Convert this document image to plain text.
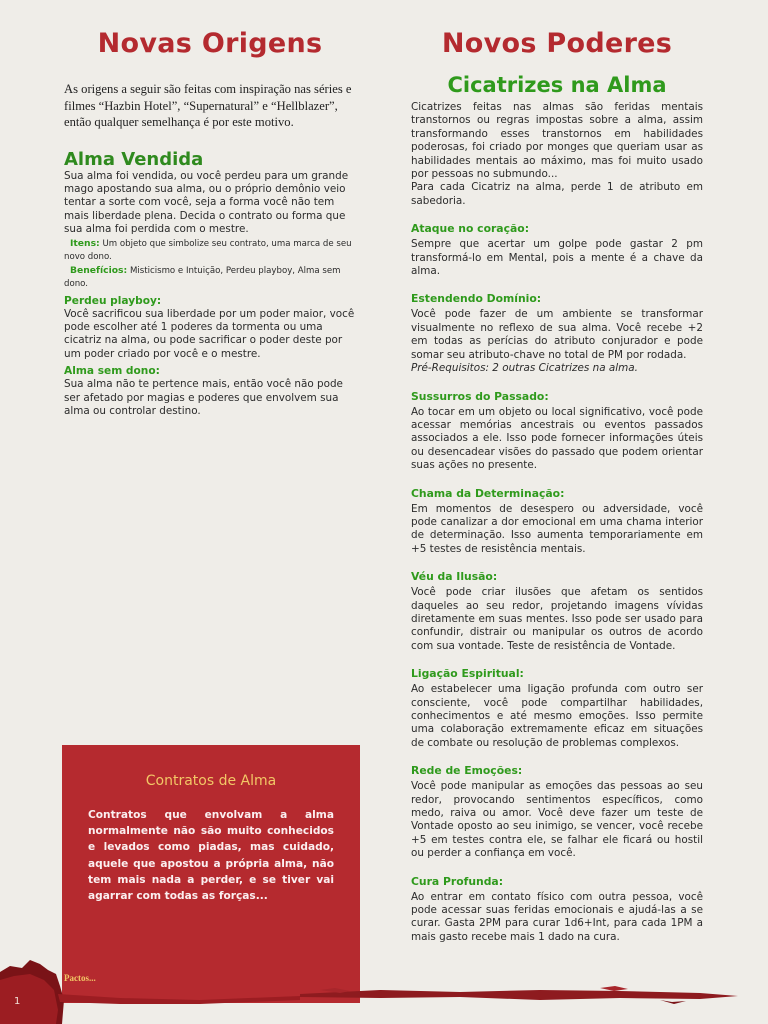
Novas Origens

As origens a seguir são feitas com inspiração nas séries e filmes “Hazbin Hotel”, “Supernatural” e “Hellblazer”, então qualquer semelhança é por este motivo.

Alma Vendida

Sua alma foi vendida, ou você perdeu para um grande mago apostando sua alma, ou o próprio demônio veio tentar a sorte com você, seja a forma você não tem mais liberdade plena. Decida o contrato ou forma que sua alma foi perdida com o mestre.

Itens: Um objeto que simbolize seu contrato, uma marca de seu novo dono.

Benefícios: Misticismo e Intuição, Perdeu playboy, Alma sem dono.

Perdeu playboy:

Você sacrificou sua liberdade por um poder maior, você pode escolher até 1 poderes da tormenta ou uma cicatriz na alma, ou pode sacrificar o poder deste por um poder criado por você e o mestre.

Alma sem dono:

Sua alma não te pertence mais, então você não pode ser afetado por magias e poderes que envolvem sua alma ou controlar destino.

Contratos de Alma
Contratos que envolvam a alma normalmente não são muito conhecidos e levados como piadas, mas cuidado, aquele que apostou a própria alma, não tem mais nada a perder, e se tiver vai agarrar com todas as forças...
Pactos...
1
Novos Poderes
Cicatrizes na Alma

Cicatrizes feitas nas almas são feridas mentais transtornos ou regras impostas sobre a alma, assim transformando esses transtornos em habilidades poderosas, foi criado por monges que queriam usar as habilidades mentais ao máximo, mas foi muito usado por pessoas no submundo...

Para cada Cicatriz na alma, perde 1 de atributo em sabedoria.

Ataque no coração:

Sempre que acertar um golpe pode gastar 2 pm transformá-lo em Mental, pois a mente é a chave da alma.

Estendendo Domínio:

Você pode fazer de um ambiente se transformar visualmente no reflexo de sua alma. Você recebe +2 em todas as perícias do atributo conjurador e pode somar seu atributo-chave no total de PM por rodada.

Pré-Requisitos: 2 outras Cicatrizes na alma.

Sussurros do Passado:

Ao tocar em um objeto ou local significativo, você pode acessar memórias ancestrais ou eventos passados associados a ele. Isso pode fornecer informações úteis ou desencadear visões do passado que podem orientar suas ações no presente.

Chama da Determinação:

Em momentos de desespero ou adversidade, você pode canalizar a dor emocional em uma chama interior de determinação. Isso aumenta temporariamente em +5 testes de resistência mentais.

Véu da Ilusão:

Você pode criar ilusões que afetam os sentidos daqueles ao seu redor, projetando imagens vívidas diretamente em suas mentes. Isso pode ser usado para confundir, distrair ou manipular os outros de acordo com sua vontade. Teste de resistência de Vontade.

Ligação Espiritual:

Ao estabelecer uma ligação profunda com outro ser consciente, você pode compartilhar habilidades, conhecimentos e até mesmo emoções. Isso permite uma colaboração extremamente eficaz em situações de combate ou resolução de problemas complexos.

Rede de Emoções:

Você pode manipular as emoções das pessoas ao seu redor, provocando sentimentos específicos, como medo, raiva ou amor. Você deve fazer um teste de Vontade oposto ao seu inimigo, se vencer, você recebe +5 em testes contra ele, se falhar ele ficará ou hostil ou perder a confiança em você.

Cura Profunda:

Ao entrar em contato físico com outra pessoa, você pode acessar suas feridas emocionais e ajudá-las a se curar. Gasta 2PM para curar 1d6+Int, para cada 1PM a mais gasto recebe mais 1 dado na cura.
